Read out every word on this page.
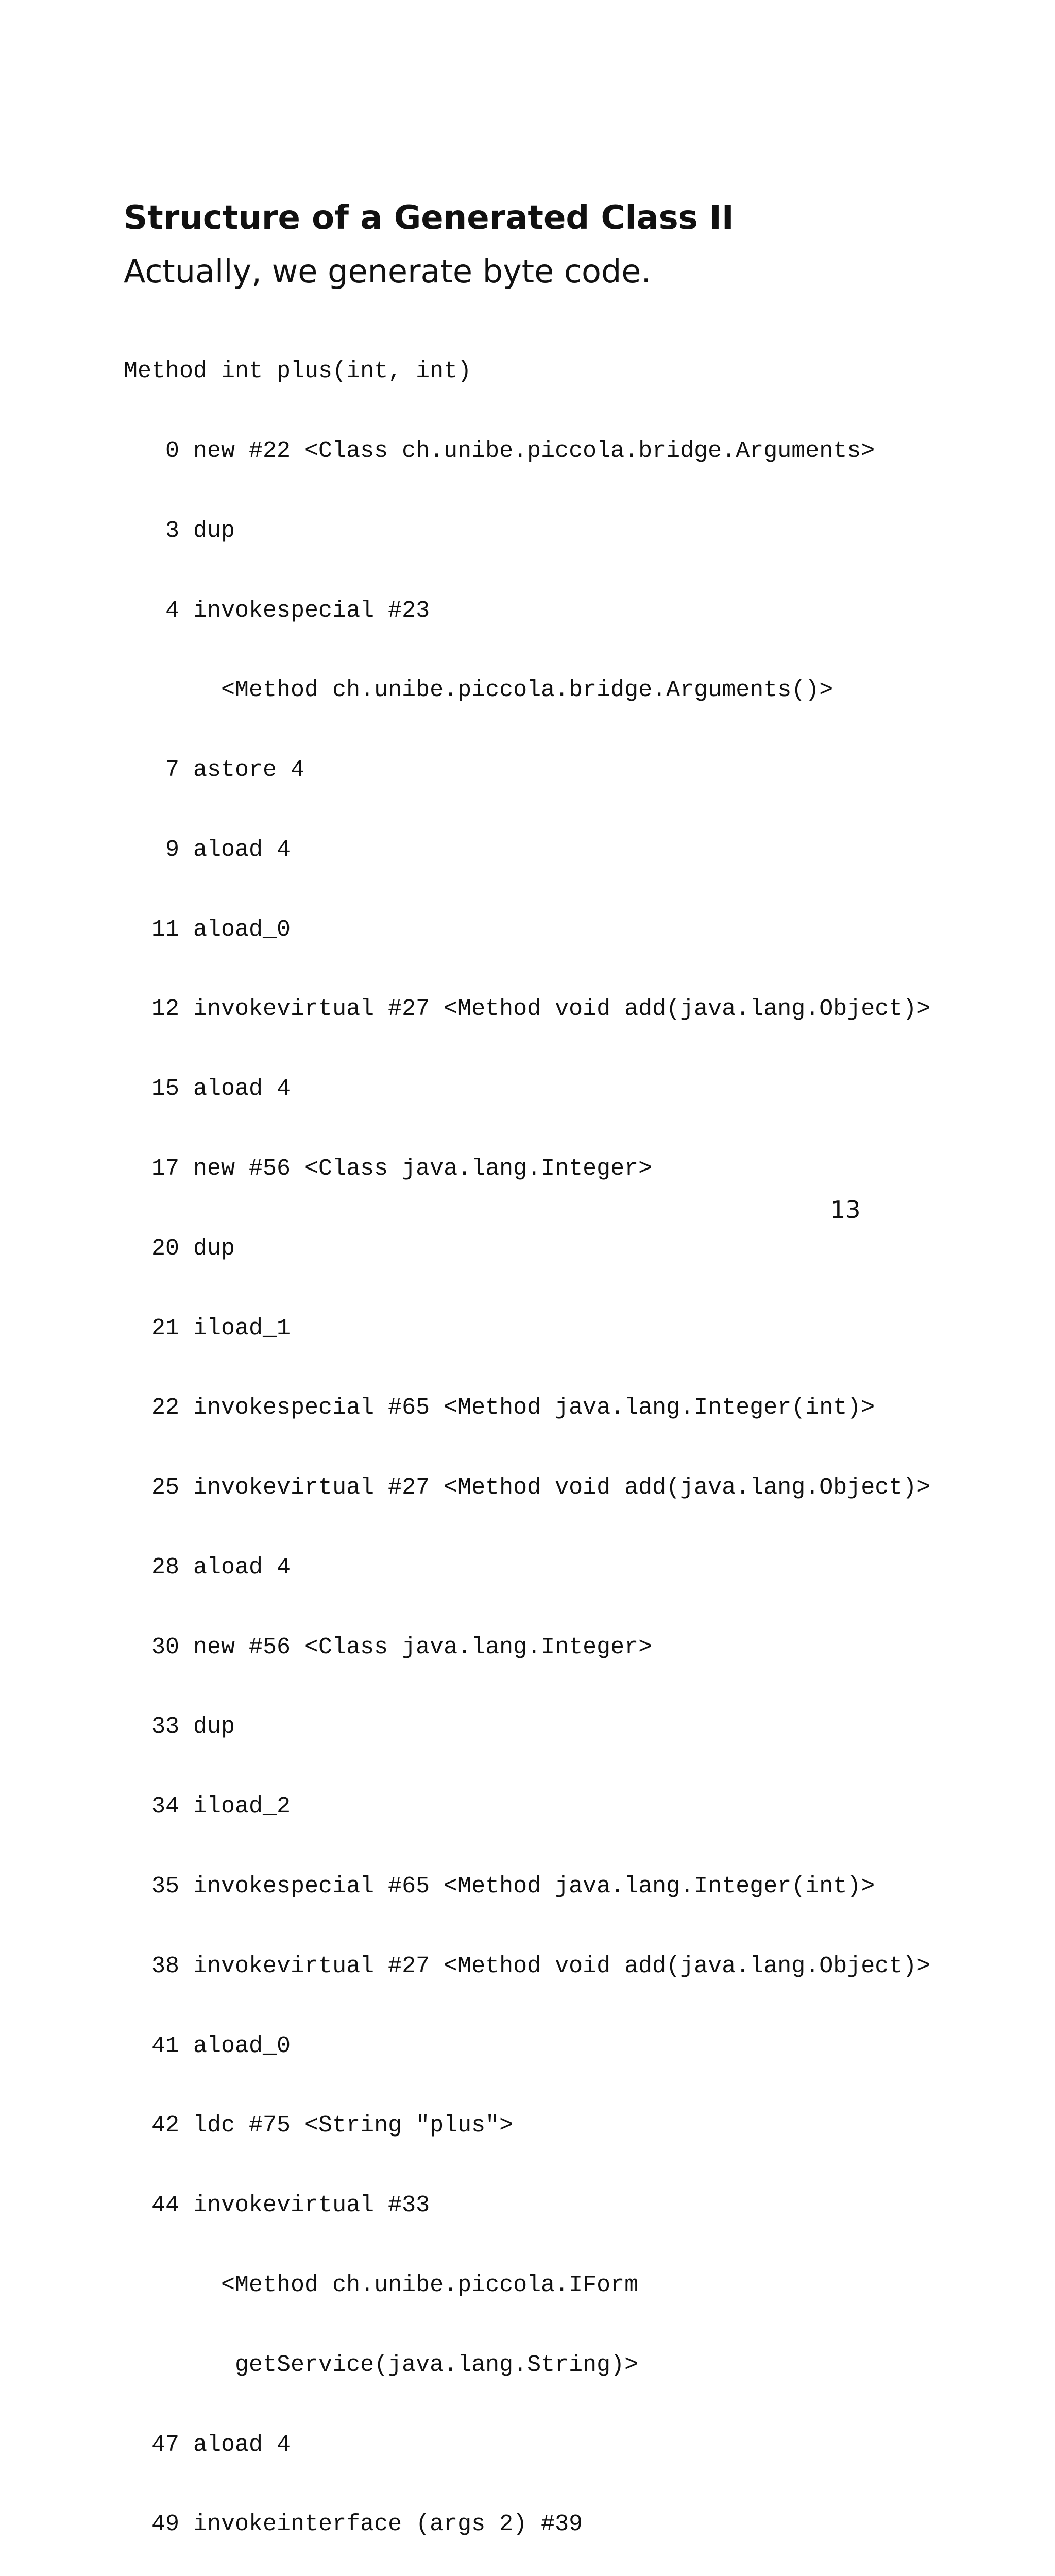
Structure of a Generated Class II

Actually, we generate byte code.

Method int plus(int, int)

0 new #22 <Class ch.unibe.piccola.bridge.Arguments>

3 dup

4 invokespecial #23

<Method ch.unibe.piccola.bridge.Arguments()>

7 astore 4

9 aload 4

11 aload_0

12 invokevirtual #27 <Method void add(java.lang.Object)>

15 aload 4

17 new #56 <Class java.lang.Integer>

20 dup

21 iload_1

22 invokespecial #65 <Method java.lang.Integer(int)>

25 invokevirtual #27 <Method void add(java.lang.Object)>

28 aload 4

30 new #56 <Class java.lang.Integer>

33 dup

34 iload_2

35 invokespecial #65 <Method java.lang.Integer(int)>

38 invokevirtual #27 <Method void add(java.lang.Object)>

41 aload_0

42 ldc #75 <String "plus">

44 invokevirtual #33

<Method ch.unibe.piccola.IForm

getService(java.lang.String)>

47 aload 4

49 invokeinterface (args 2) #39

13
